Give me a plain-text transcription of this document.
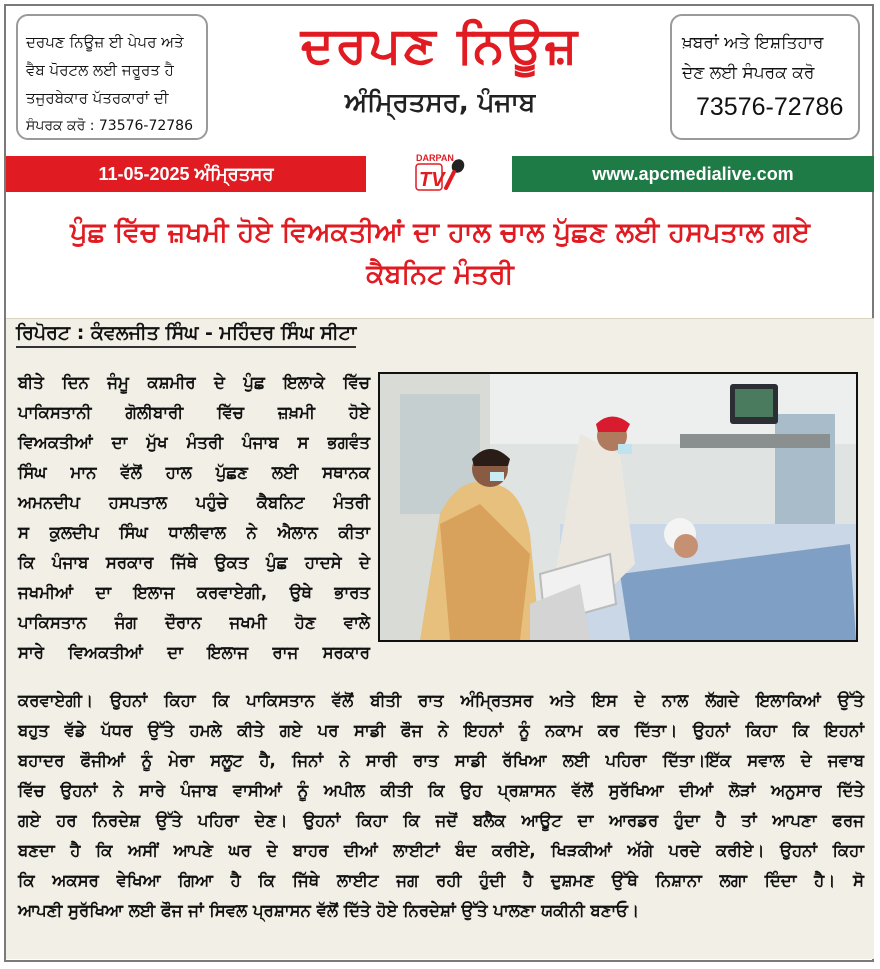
ਦਰਪਣ ਨਿਊਜ਼ ਈ ਪੇਪਰ ਅਤੇ
ਵੈਬ ਪੋਰਟਲ ਲਈ ਜਰੂਰਤ ਹੈ
ਤਜੁਰਬੇਕਾਰ ਪੱਤਰਕਾਰਾਂ ਦੀ
ਸੰਪਰਕ ਕਰੋ : 73576-72786
ਦਰਪਣ ਨਿਊਜ਼
ਅੰਮ੍ਰਿਤਸਰ, ਪੰਜਾਬ
ਖ਼ਬਰਾਂ ਅਤੇ ਇਸ਼ਤਿਹਾਰ
ਦੇਣ ਲਈ ਸੰਪਰਕ ਕਰੋ
73576-72786
11-05-2025 ਅੰਮ੍ਰਿਤਸਰ
DARPAN
TV	www.apcmedialive.com
ਪੁੰਛ ਵਿੱਚ ਜ਼ਖਮੀ ਹੋਏ ਵਿਅਕਤੀਆਂ ਦਾ ਹਾਲ ਚਾਲ ਪੁੱਛਣ ਲਈ ਹਸਪਤਾਲ ਗਏ
ਕੈਬਨਿਟ ਮੰਤਰੀ
ਰਿਪੋਰਟ : ਕੰਵਲਜੀਤ ਸਿੰਘ - ਮਹਿੰਦਰ ਸਿੰਘ ਸੀਟਾ
ਬੀਤੇ ਦਿਨ ਜੰਮੂ ਕਸ਼ਮੀਰ ਦੇ ਪੁੰਛ ਇਲਾਕੇ ਵਿੱਚ
ਪਾਕਿਸਤਾਨੀ ਗੋਲੀਬਾਰੀ ਵਿੱਚ ਜ਼ਖ਼ਮੀ ਹੋਏ
ਵਿਅਕਤੀਆਂ ਦਾ ਮੁੱਖ ਮੰਤਰੀ ਪੰਜਾਬ ਸ ਭਗਵੰਤ
ਸਿੰਘ ਮਾਨ ਵੱਲੋਂ ਹਾਲ ਪੁੱਛਣ ਲਈ ਸਥਾਨਕ
ਅਮਨਦੀਪ ਹਸਪਤਾਲ ਪਹੁੰਚੇ ਕੈਬਨਿਟ ਮੰਤਰੀ
ਸ ਕੁਲਦੀਪ ਸਿੰਘ ਧਾਲੀਵਾਲ ਨੇ ਐਲਾਨ ਕੀਤਾ
ਕਿ ਪੰਜਾਬ ਸਰਕਾਰ ਜਿੱਥੇ ਉਕਤ ਪੁੰਛ ਹਾਦਸੇ ਦੇ
ਜਖਮੀਆਂ ਦਾ ਇਲਾਜ ਕਰਵਾਏਗੀ, ਉਥੇ ਭਾਰਤ
ਪਾਕਿਸਤਾਨ ਜੰਗ ਦੌਰਾਨ ਜਖਮੀ ਹੋਣ ਵਾਲੇ
ਸਾਰੇ ਵਿਅਕਤੀਆਂ ਦਾ ਇਲਾਜ ਰਾਜ ਸਰਕਾਰ
ਕਰਵਾਏਗੀ। ਉਹਨਾਂ ਕਿਹਾ ਕਿ ਪਾਕਿਸਤਾਨ ਵੱਲੋਂ ਬੀਤੀ ਰਾਤ ਅੰਮ੍ਰਿਤਸਰ ਅਤੇ ਇਸ ਦੇ ਨਾਲ ਲੱਗਦੇ ਇਲਾਕਿਆਂ ਉੱਤੇ
ਬਹੁਤ ਵੱਡੇ ਪੱਧਰ ਉੱਤੇ ਹਮਲੇ ਕੀਤੇ ਗਏ ਪਰ ਸਾਡੀ ਫੌਜ ਨੇ ਇਹਨਾਂ ਨੂੰ ਨਕਾਮ ਕਰ ਦਿੱਤਾ। ਉਹਨਾਂ ਕਿਹਾ ਕਿ ਇਹਨਾਂ
ਬਹਾਦਰ ਫੌਜੀਆਂ ਨੂੰ ਮੇਰਾ ਸਲੂਟ ਹੈ, ਜਿਨਾਂ ਨੇ ਸਾਰੀ ਰਾਤ ਸਾਡੀ ਰੱਖਿਆ ਲਈ ਪਹਿਰਾ ਦਿੱਤਾ।ਇੱਕ ਸਵਾਲ ਦੇ ਜਵਾਬ
ਵਿੱਚ ਉਹਨਾਂ ਨੇ ਸਾਰੇ ਪੰਜਾਬ ਵਾਸੀਆਂ ਨੂੰ ਅਪੀਲ ਕੀਤੀ ਕਿ ਉਹ ਪ੍ਰਸ਼ਾਸਨ ਵੱਲੋਂ ਸੁਰੱਖਿਆ ਦੀਆਂ ਲੋੜਾਂ ਅਨੁਸਾਰ ਦਿੱਤੇ
ਗਏ ਹਰ ਨਿਰਦੇਸ਼ ਉੱਤੇ ਪਹਿਰਾ ਦੇਣ। ਉਹਨਾਂ ਕਿਹਾ ਕਿ ਜਦੋਂ ਬਲੈਕ ਆਊਟ ਦਾ ਆਰਡਰ ਹੁੰਦਾ ਹੈ ਤਾਂ ਆਪਣਾ ਫਰਜ
ਬਣਦਾ ਹੈ ਕਿ ਅਸੀਂ ਆਪਣੇ ਘਰ ਦੇ ਬਾਹਰ ਦੀਆਂ ਲਾਈਟਾਂ ਬੰਦ ਕਰੀਏ, ਖਿੜਕੀਆਂ ਅੱਗੇ ਪਰਦੇ ਕਰੀਏ। ਉਹਨਾਂ ਕਿਹਾ
ਕਿ ਅਕਸਰ ਵੇਖਿਆ ਗਿਆ ਹੈ ਕਿ ਜਿੱਥੇ ਲਾਈਟ ਜਗ ਰਹੀ ਹੁੰਦੀ ਹੈ ਦੁਸ਼ਮਣ ਉੱਥੇ ਨਿਸ਼ਾਨਾ ਲਗਾ ਦਿੰਦਾ ਹੈ। ਸੋ
ਆਪਣੀ ਸੁਰੱਖਿਆ ਲਈ ਫੌਜ ਜਾਂ ਸਿਵਲ ਪ੍ਰਸ਼ਾਸਨ ਵੱਲੋਂ ਦਿੱਤੇ ਹੋਏ ਨਿਰਦੇਸ਼ਾਂ ਉੱਤੇ ਪਾਲਣਾ ਯਕੀਨੀ ਬਣਾਓ।
